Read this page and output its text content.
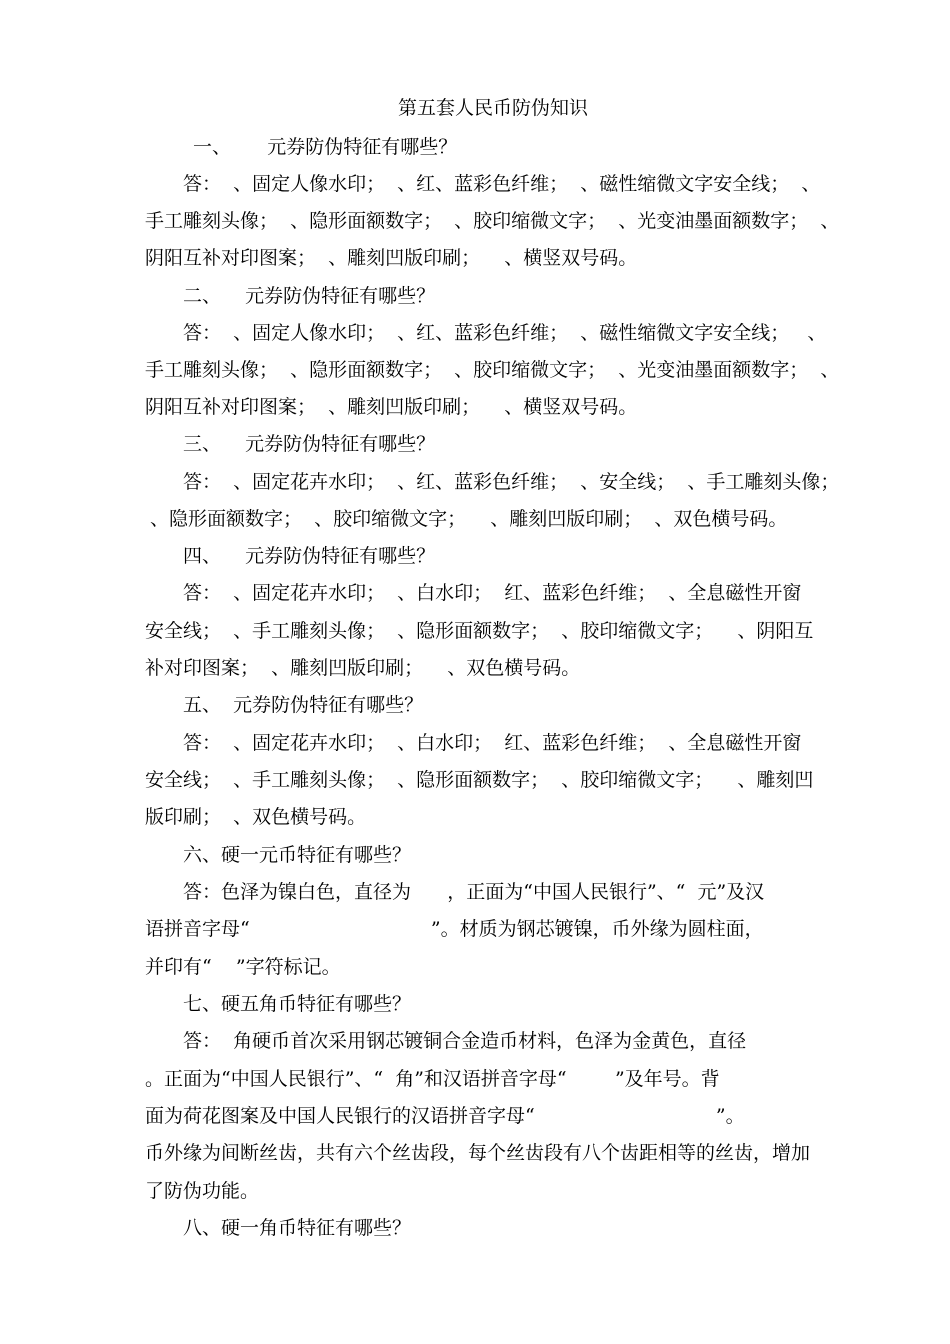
第五套人民币防伪知识
一、      元券防伪特征有哪些？
答：  、固定人像水印；  、红、蓝彩色纤维；  、磁性缩微文字安全线；  、
手工雕刻头像；  、隐形面额数字；  、胶印缩微文字；  、光变油墨面额数字；  、
阴阳互补对印图案；  、雕刻凹版印刷；    、横竖双号码。
二、    元券防伪特征有哪些？
答：  、固定人像水印；  、红、蓝彩色纤维；  、磁性缩微文字安全线；   、
手工雕刻头像；  、隐形面额数字；  、胶印缩微文字；  、光变油墨面额数字；  、
阴阳互补对印图案；  、雕刻凹版印刷；    、横竖双号码。
三、    元券防伪特征有哪些？
答：  、固定花卉水印；  、红、蓝彩色纤维；  、安全线；  、手工雕刻头像；
、隐形面额数字；  、胶印缩微文字；    、雕刻凹版印刷；  、双色横号码。
四、    元券防伪特征有哪些？
答：  、固定花卉水印；  、白水印；  红、蓝彩色纤维；  、全息磁性开窗
安全线；  、手工雕刻头像；  、隐形面额数字；  、胶印缩微文字；    、阴阳互
补对印图案；  、雕刻凹版印刷；    、双色横号码。
五、  元券防伪特征有哪些？
答：  、固定花卉水印；  、白水印；  红、蓝彩色纤维；  、全息磁性开窗
安全线；  、手工雕刻头像；  、隐形面额数字；  、胶印缩微文字；    、雕刻凹
版印刷；  、双色横号码。
六、硬一元币特征有哪些？
答：色泽为镍白色，直径为      ，正面为“中国人民银行”、“  元”及汉
语拼音字母“                              ”。材质为钢芯镀镍，币外缘为圆柱面，
并印有“    ”字符标记。
七、硬五角币特征有哪些？
答：  角硬币首次采用钢芯镀铜合金造币材料，色泽为金黄色，直径
。正面为“中国人民银行”、“  角”和汉语拼音字母“        ”及年号。背
面为荷花图案及中国人民银行的汉语拼音字母“                              ”。
币外缘为间断丝齿，共有六个丝齿段，每个丝齿段有八个齿距相等的丝齿，增加
了防伪功能。
八、硬一角币特征有哪些？
